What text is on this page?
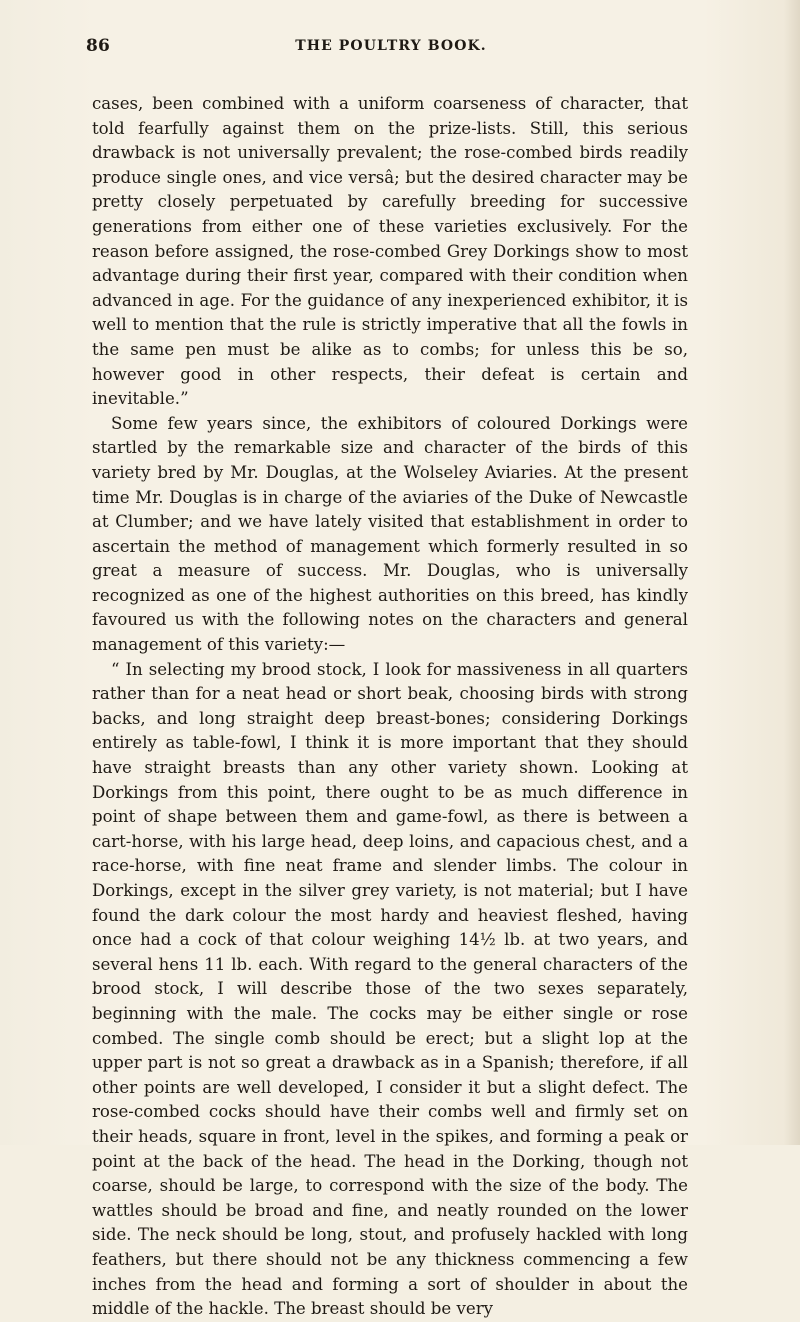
86	THE POULTRY BOOK.

cases, been combined with a uniform coarseness of character, that told fearfully against them on the prize-lists. Still, this serious drawback is not universally prevalent; the rose-combed birds readily produce single ones, and vice versâ; but the desired character may be pretty closely perpetuated by carefully breeding for successive generations from either one of these varieties exclusively. For the reason before assigned, the rose-combed Grey Dorkings show to most advantage during their first year, compared with their condition when advanced in age. For the guidance of any inexperienced exhibitor, it is well to mention that the rule is strictly imperative that all the fowls in the same pen must be alike as to combs; for unless this be so, however good in other respects, their defeat is certain and inevitable.”

Some few years since, the exhibitors of coloured Dorkings were startled by the remarkable size and character of the birds of this variety bred by Mr. Douglas, at the Wolseley Aviaries. At the present time Mr. Douglas is in charge of the aviaries of the Duke of Newcastle at Clumber; and we have lately visited that establishment in order to ascertain the method of management which formerly resulted in so great a measure of success. Mr. Douglas, who is universally recognized as one of the highest authorities on this breed, has kindly favoured us with the following notes on the characters and general management of this variety:—

“ In selecting my brood stock, I look for massiveness in all quarters rather than for a neat head or short beak, choosing birds with strong backs, and long straight deep breast-bones; considering Dorkings entirely as table-fowl, I think it is more important that they should have straight breasts than any other variety shown. Looking at Dorkings from this point, there ought to be as much difference in point of shape between them and game-fowl, as there is between a cart-horse, with his large head, deep loins, and capacious chest, and a race-horse, with fine neat frame and slender limbs. The colour in Dorkings, except in the silver grey variety, is not material; but I have found the dark colour the most hardy and heaviest fleshed, having once had a cock of that colour weighing 14½ lb. at two years, and several hens 11 lb. each. With regard to the general characters of the brood stock, I will describe those of the two sexes separately, beginning with the male. The cocks may be either single or rose combed. The single comb should be erect; but a slight lop at the upper part is not so great a drawback as in a Spanish; therefore, if all other points are well developed, I consider it but a slight defect. The rose-combed cocks should have their combs well and firmly set on their heads, square in front, level in the spikes, and forming a peak or point at the back of the head. The head in the Dorking, though not coarse, should be large, to correspond with the size of the body. The wattles should be broad and fine, and neatly rounded on the lower side. The neck should be long, stout, and profusely hackled with long feathers, but there should not be any thickness commencing a few inches from the head and forming a sort of shoulder in about the middle of the hackle. The breast should be very
